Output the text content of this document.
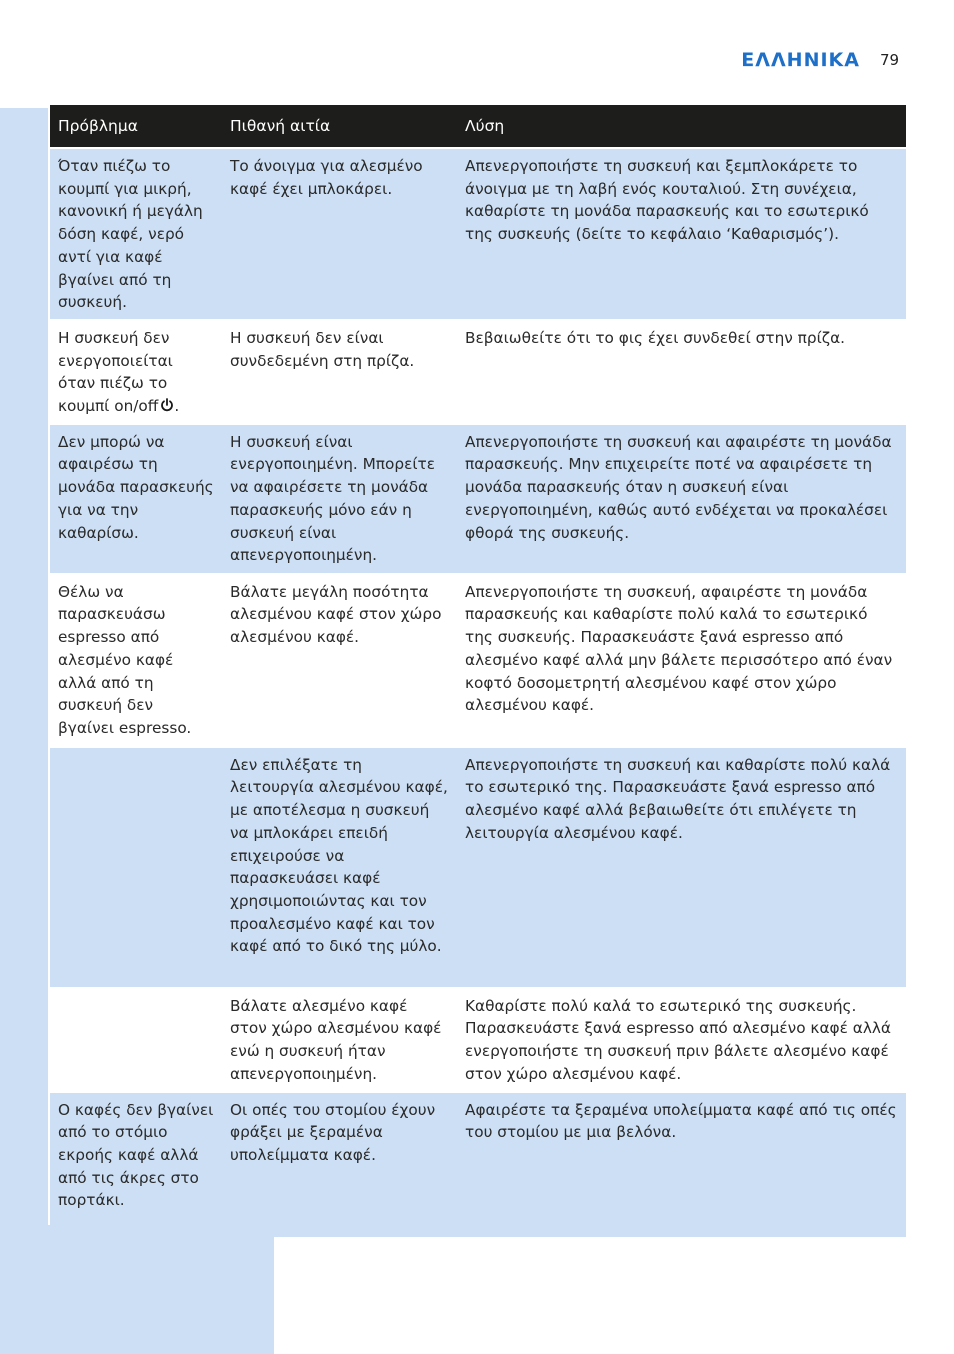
ΕΛΛΗΝΙΚΑ 79
Πρόβλημα	Πιθανή αιτία	Λύση
Όταν πιέζω το κουμπί για μικρή, κανονική ή μεγάλη δόση καφέ, νερό αντί για καφέ βγαίνει από τη συσκευή.	Το άνοιγμα για αλεσμένο καφέ έχει μπλοκάρει.	Απενεργοποιήστε τη συσκευή και ξεμπλοκάρετε το άνοιγμα με τη λαβή ενός κουταλιού. Στη συνέχεια, καθαρίστε τη μονάδα παρασκευής και το εσωτερικό της συσκευής (δείτε το κεφάλαιο ‘Καθαρισμός’).
Η συσκευή δεν ενεργοποιείται όταν πιέζω το κουμπί on/off .	Η συσκευή δεν είναι συνδεδεμένη στη πρίζα.	Βεβαιωθείτε ότι το φις έχει συνδεθεί στην πρίζα.
Δεν μπορώ να αφαιρέσω τη μονάδα παρασκευής για να την καθαρίσω.	Η συσκευή είναι ενεργοποιημένη. Μπορείτε να αφαιρέσετε τη μονάδα παρασκευής μόνο εάν η συσκευή είναι απενεργοποιημένη.	Απενεργοποιήστε τη συσκευή και αφαιρέστε τη μονάδα παρασκευής. Μην επιχειρείτε ποτέ να αφαιρέσετε τη μονάδα παρασκευής όταν η συσκευή είναι ενεργοποιημένη, καθώς αυτό ενδέχεται να προκαλέσει φθορά της συσκευής.
Θέλω να παρασκευάσω espresso από αλεσμένο καφέ αλλά από τη συσκευή δεν βγαίνει espresso.	Βάλατε μεγάλη ποσότητα αλεσμένου καφέ στον χώρο αλεσμένου καφέ.	Απενεργοποιήστε τη συσκευή, αφαιρέστε τη μονάδα παρασκευής και καθαρίστε πολύ καλά το εσωτερικό της συσκευής. Παρασκευάστε ξανά espresso από αλεσμένο καφέ αλλά μην βάλετε περισσότερο από έναν κοφτό δοσομετρητή αλεσμένου καφέ στον χώρο αλεσμένου καφέ.
	Δεν επιλέξατε τη λειτουργία αλεσμένου καφέ, με αποτέλεσμα η συσκευή να μπλοκάρει επειδή επιχειρούσε να παρασκευάσει καφέ χρησιμοποιώντας και τον προαλεσμένο καφέ και τον καφέ από το δικό της μύλο.	Απενεργοποιήστε τη συσκευή και καθαρίστε πολύ καλά το εσωτερικό της. Παρασκευάστε ξανά espresso από αλεσμένο καφέ αλλά βεβαιωθείτε ότι επιλέγετε τη λειτουργία αλεσμένου καφέ.
	Βάλατε αλεσμένο καφέ στον χώρο αλεσμένου καφέ ενώ η συσκευή ήταν απενεργοποιημένη.	Καθαρίστε πολύ καλά το εσωτερικό της συσκευής. Παρασκευάστε ξανά espresso από αλεσμένο καφέ αλλά ενεργοποιήστε τη συσκευή πριν βάλετε αλεσμένο καφέ στον χώρο αλεσμένου καφέ.
Ο καφές δεν βγαίνει από το στόμιο εκροής καφέ αλλά από τις άκρες στο πορτάκι.	Οι οπές του στομίου έχουν φράξει με ξεραμένα υπολείμματα καφέ.	Αφαιρέστε τα ξεραμένα υπολείμματα καφέ από τις οπές του στομίου με μια βελόνα.
